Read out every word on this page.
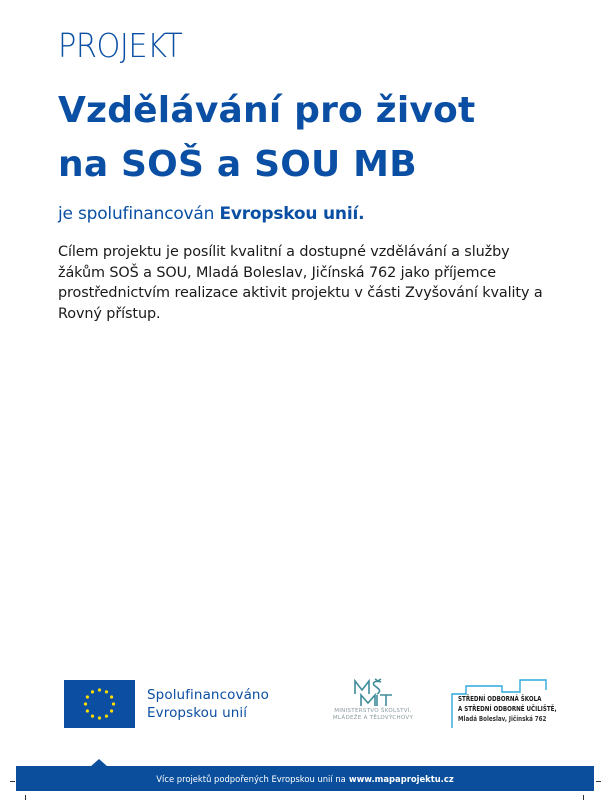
PROJEKT
Vzdělávání pro život
na SOŠ a SOU MB
je spolufinancován Evropskou unií.

Cílem projektu je posílit kvalitní a dostupné vzdělávání a služby žákům SOŠ a SOU, Mladá Boleslav, Jičínská 762 jako příjemce prostřednictvím realizace aktivit projektu v části Zvyšování kvality a Rovný přístup.

Spolufinancováno
Evropskou unií	MINISTERSTVO ŠKOLSTVÍ,
MLÁDEŽE A TĚLOVÝCHOVY
STŘEDNÍ ODBORNÁ ŠKOLA
A STŘEDNÍ ODBORNÉ UČILIŠTĚ,
Mladá Boleslav, Jičínská 762
Více projektů podpořených Evropskou unií na www.mapaprojektu.cz
